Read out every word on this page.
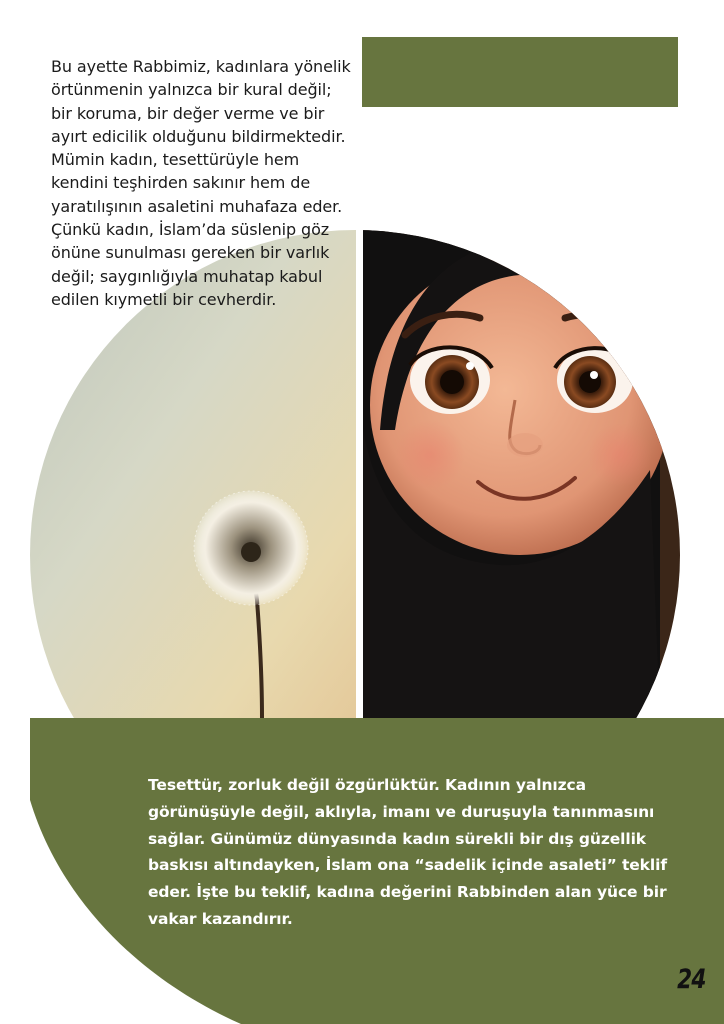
Bu ayette Rabbimiz, kadınlara yönelik örtünmenin yalnızca bir kural değil; bir koruma, bir değer verme ve bir ayırt edicilik olduğunu bildirmektedir. Mümin kadın, tesettürüyle hem kendini teşhirden sakınır hem de yaratılışının asaletini muhafaza eder. Çünkü kadın, İslam’da süslenip göz önüne sunulması gereken bir varlık değil; saygınlığıyla muhatap kabul edilen kıymetli bir cevherdir.

Tesettür, zorluk değil özgürlüktür. Kadının yalnızca görünüşüyle değil, aklıyla, imanı ve duruşuyla tanınmasını sağlar. Günümüz dünyasında kadın sürekli bir dış güzellik baskısı altındayken, İslam ona “sadelik içinde asaleti” teklif eder. İşte bu teklif, kadına değerini Rabbinden alan yüce bir vakar kazandırır.

24
